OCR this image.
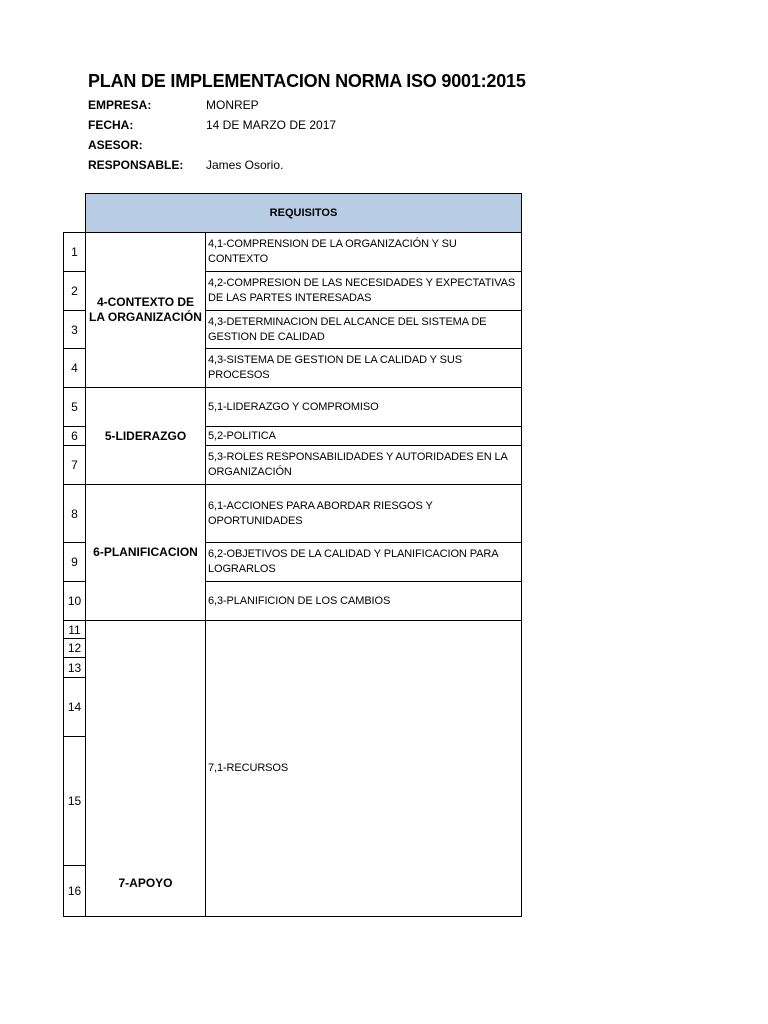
PLAN DE IMPLEMENTACION NORMA ISO 9001:2015
EMPRESA:	MONREP
FECHA:	14 DE MARZO DE 2017
ASESOR:
RESPONSABLE: James Osorio.
REQUISITOS
1
2
3
4
5
6
7
8
9
10
11
12
13
14
15
16
4-CONTEXTO DE LA ORGANIZACIÓN
5-LIDERAZGO
6-PLANIFICACION
7-APOYO
4,1-COMPRENSION DE LA ORGANIZACIÓN Y SU CONTEXTO
4,2-COMPRESION DE LAS NECESIDADES Y EXPECTATIVAS DE LAS PARTES INTERESADAS
4,3-DETERMINACION DEL ALCANCE DEL SISTEMA DE GESTION DE CALIDAD
4,3-SISTEMA DE GESTION DE LA CALIDAD Y SUS PROCESOS
5,1-LIDERAZGO Y COMPROMISO
5,2-POLITICA
5,3-ROLES RESPONSABILIDADES Y AUTORIDADES EN LA ORGANIZACIÓN
6,1-ACCIONES PARA ABORDAR RIESGOS Y OPORTUNIDADES
6,2-OBJETIVOS DE LA CALIDAD Y PLANIFICACION PARA LOGRARLOS
6,3-PLANIFICION DE LOS CAMBIOS
7,1-RECURSOS
